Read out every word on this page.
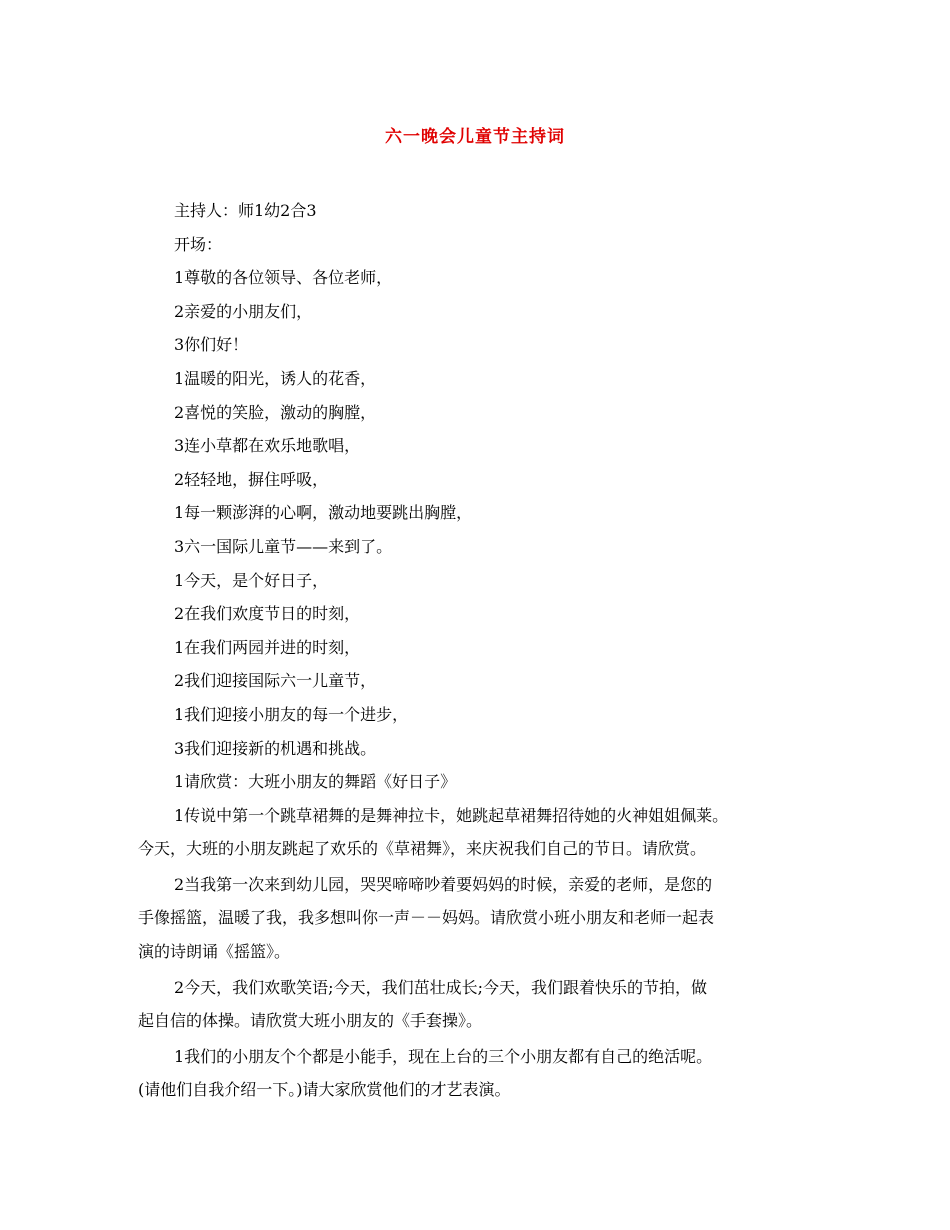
六一晚会儿童节主持词
主持人：师1幼2合3
开场：
1尊敬的各位领导、各位老师，
2亲爱的小朋友们，
3你们好！
1温暖的阳光，诱人的花香，
2喜悦的笑脸，激动的胸膛，
3连小草都在欢乐地歌唱，
2轻轻地，摒住呼吸，
1每一颗澎湃的心啊，激动地要跳出胸膛，
3六一国际儿童节——来到了。
1今天，是个好日子，
2在我们欢度节日的时刻，
1在我们两园并进的时刻，
2我们迎接国际六一儿童节，
1我们迎接小朋友的每一个进步，
3我们迎接新的机遇和挑战。
1请欣赏：大班小朋友的舞蹈《好日子》
1传说中第一个跳草裙舞的是舞神拉卡，她跳起草裙舞招待她的火神姐姐佩莱。
今天，大班的小朋友跳起了欢乐的《草裙舞》，来庆祝我们自己的节日。请欣赏。
2当我第一次来到幼儿园，哭哭啼啼吵着要妈妈的时候，亲爱的老师，是您的
手像摇篮，温暖了我，我多想叫你一声－－妈妈。请欣赏小班小朋友和老师一起表
演的诗朗诵《摇篮》。
2今天，我们欢歌笑语;今天，我们茁壮成长;今天，我们跟着快乐的节拍，做
起自信的体操。请欣赏大班小朋友的《手套操》。
1我们的小朋友个个都是小能手，现在上台的三个小朋友都有自己的绝活呢。
(请他们自我介绍一下。)请大家欣赏他们的才艺表演。
